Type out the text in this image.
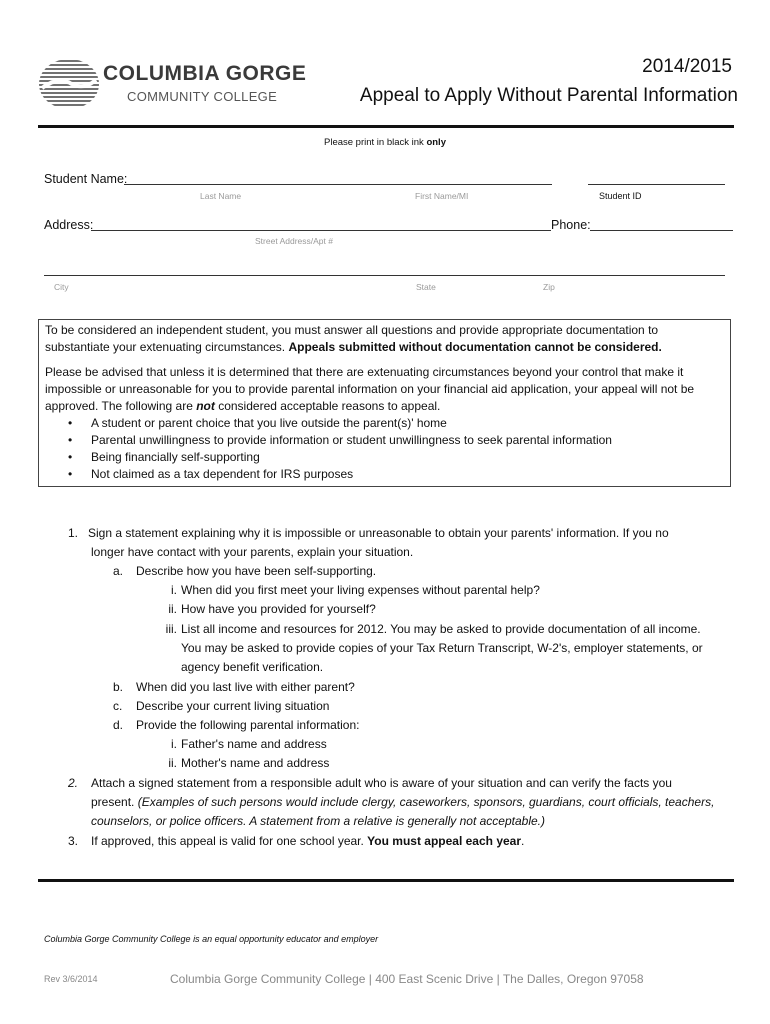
COLUMBIA GORGE
COMMUNITY COLLEGE
2014/2015
Appeal to Apply Without Parental Information
Please print in black ink only
Student Name:
Last Name	First Name/MI	Student ID
Address:	Phone:
Street Address/Apt #
City	State	Zip

To be considered an independent student, you must answer all questions and provide appropriate documentation to

substantiate your extenuating circumstances. Appeals submitted without documentation cannot be considered.

Please be advised that unless it is determined that there are extenuating circumstances beyond your control that make it

impossible or unreasonable for you to provide parental information on your financial aid application, your appeal will not be

approved. The following are not considered acceptable reasons to appeal.

• A student or parent choice that you live outside the parent(s)' home
• Parental unwillingness to provide information or student unwillingness to seek parental information
• Being financially self-supporting
• Not claimed as a tax dependent for IRS purposes
1. Sign a statement explaining why it is impossible or unreasonable to obtain your parents' information. If you no
longer have contact with your parents, explain your situation.
a. Describe how you have been self-supporting.
i. When did you first meet your living expenses without parental help?
ii. How have you provided for yourself?
iii. List all income and resources for 2012. You may be asked to provide documentation of all income.
You may be asked to provide copies of your Tax Return Transcript, W-2's, employer statements, or
agency benefit verification.
b. When did you last live with either parent?
c. Describe your current living situation
d. Provide the following parental information:
i. Father's name and address
ii. Mother's name and address
2. Attach a signed statement from a responsible adult who is aware of your situation and can verify the facts you
present. (Examples of such persons would include clergy, caseworkers, sponsors, guardians, court officials, teachers,
counselors, or police officers. A statement from a relative is generally not acceptable.)
3. If approved, this appeal is valid for one school year. You must appeal each year.
Columbia Gorge Community College is an equal opportunity educator and employer
Rev 3/6/2014	Columbia Gorge Community College | 400 East Scenic Drive | The Dalles, Oregon 97058
